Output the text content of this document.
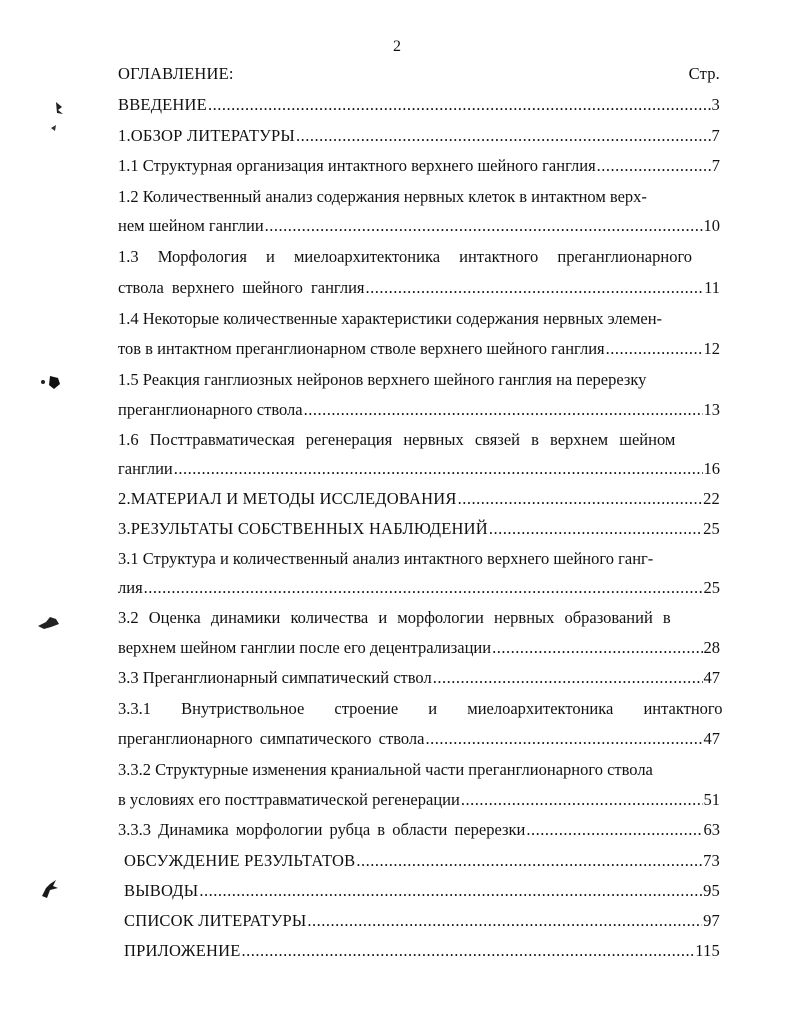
2
ОГЛАВЛЕНИЕ:	Стр.
ВВЕДЕНИЕ .....	3
1.ОБЗОР ЛИТЕРАТУРЫ .....	7
1.1 Структурная организация интактного верхнего шейного ганглия .....	7
1.2 Количественный анализ содержания нервных клеток в интактном верх-
нем шейном ганглии .....	10
1.3 Морфология и миелоархитектоника интактного преганглионарного
ствола верхнего шейного ганглия .....	11
1.4 Некоторые количественные характеристики содержания нервных элемен-
тов в интактном преганглионарном стволе верхнего шейного ганглия .....	12
1.5 Реакция ганглиозных нейронов верхнего шейного ганглия на перерезку
преганглионарного ствола .....	13
1.6 Посттравматическая регенерация нервных связей в верхнем шейном
ганглии .....	16
2.МАТЕРИАЛ И МЕТОДЫ ИССЛЕДОВАНИЯ .....	22
3.РЕЗУЛЬТАТЫ СОБСТВЕННЫХ НАБЛЮДЕНИЙ .....	25
3.1 Структура и количественный анализ интактного верхнего шейного ганг-
лия .....	25
3.2 Оценка динамики количества и морфологии нервных образований в
верхнем шейном ганглии после его децентрализации .....	28
3.3 Преганглионарный симпатический ствол .....	47
3.3.1 Внутриствольное строение и миелоархитектоника интактного
преганглионарного симпатического ствола .....	47
3.3.2 Структурные изменения краниальной части преганглионарного ствола
в условиях его посттравматической регенерации .....	51
3.3.3 Динамика морфологии рубца в области перерезки .....	63
ОБСУЖДЕНИЕ РЕЗУЛЬТАТОВ .....	73
ВЫВОДЫ .....	95
СПИСОК ЛИТЕРАТУРЫ .....	97
ПРИЛОЖЕНИЕ .....	115
